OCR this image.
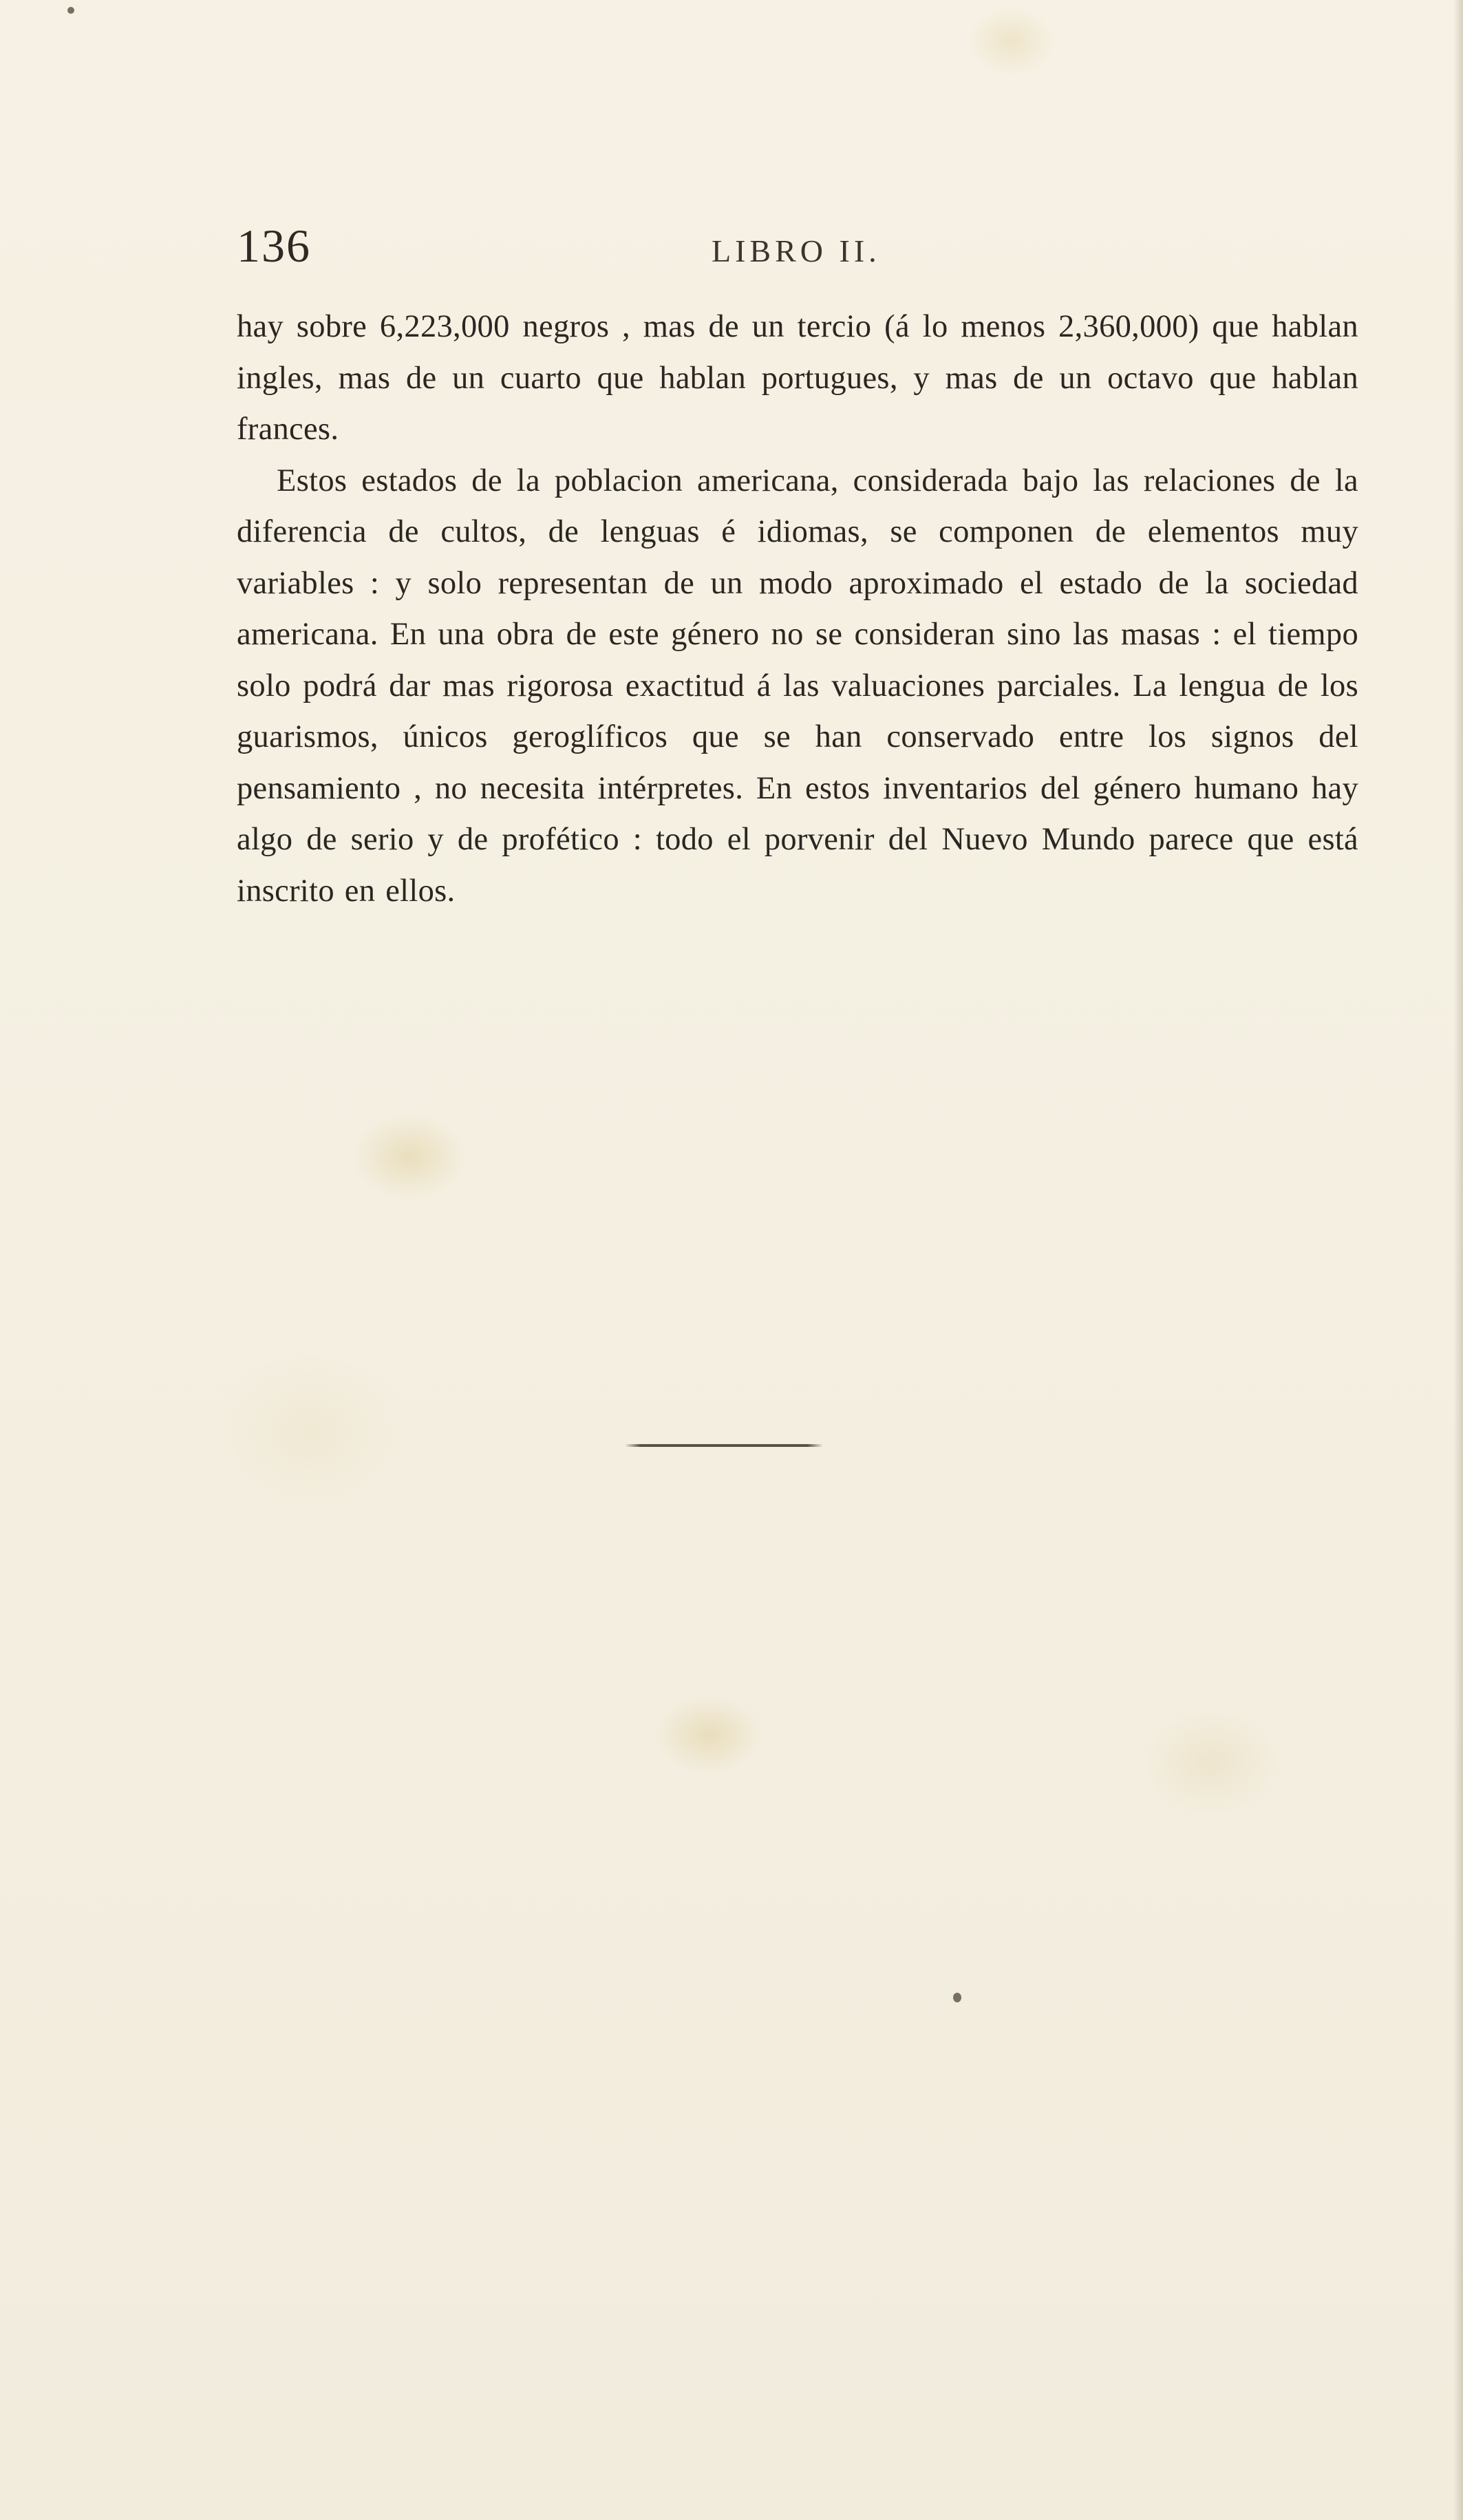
136	LIBRO II.

hay sobre 6,223,000 negros , mas de un tercio (á lo menos 2,360,000) que hablan ingles, mas de un cuarto que hablan portugues, y mas de un octavo que hablan frances.

Estos estados de la poblacion americana, considerada bajo las relaciones de la diferencia de cultos, de lenguas é idiomas, se componen de elementos muy variables : y solo representan de un modo aproximado el estado de la sociedad americana. En una obra de este género no se consideran sino las masas : el tiempo solo podrá dar mas rigorosa exactitud á las valuaciones parciales. La lengua de los guarismos, únicos geroglíficos que se han conservado entre los signos del pensamiento , no necesita intérpretes. En estos inventarios del género humano hay algo de serio y de profético : todo el porvenir del Nuevo Mundo parece que está inscrito en ellos.
